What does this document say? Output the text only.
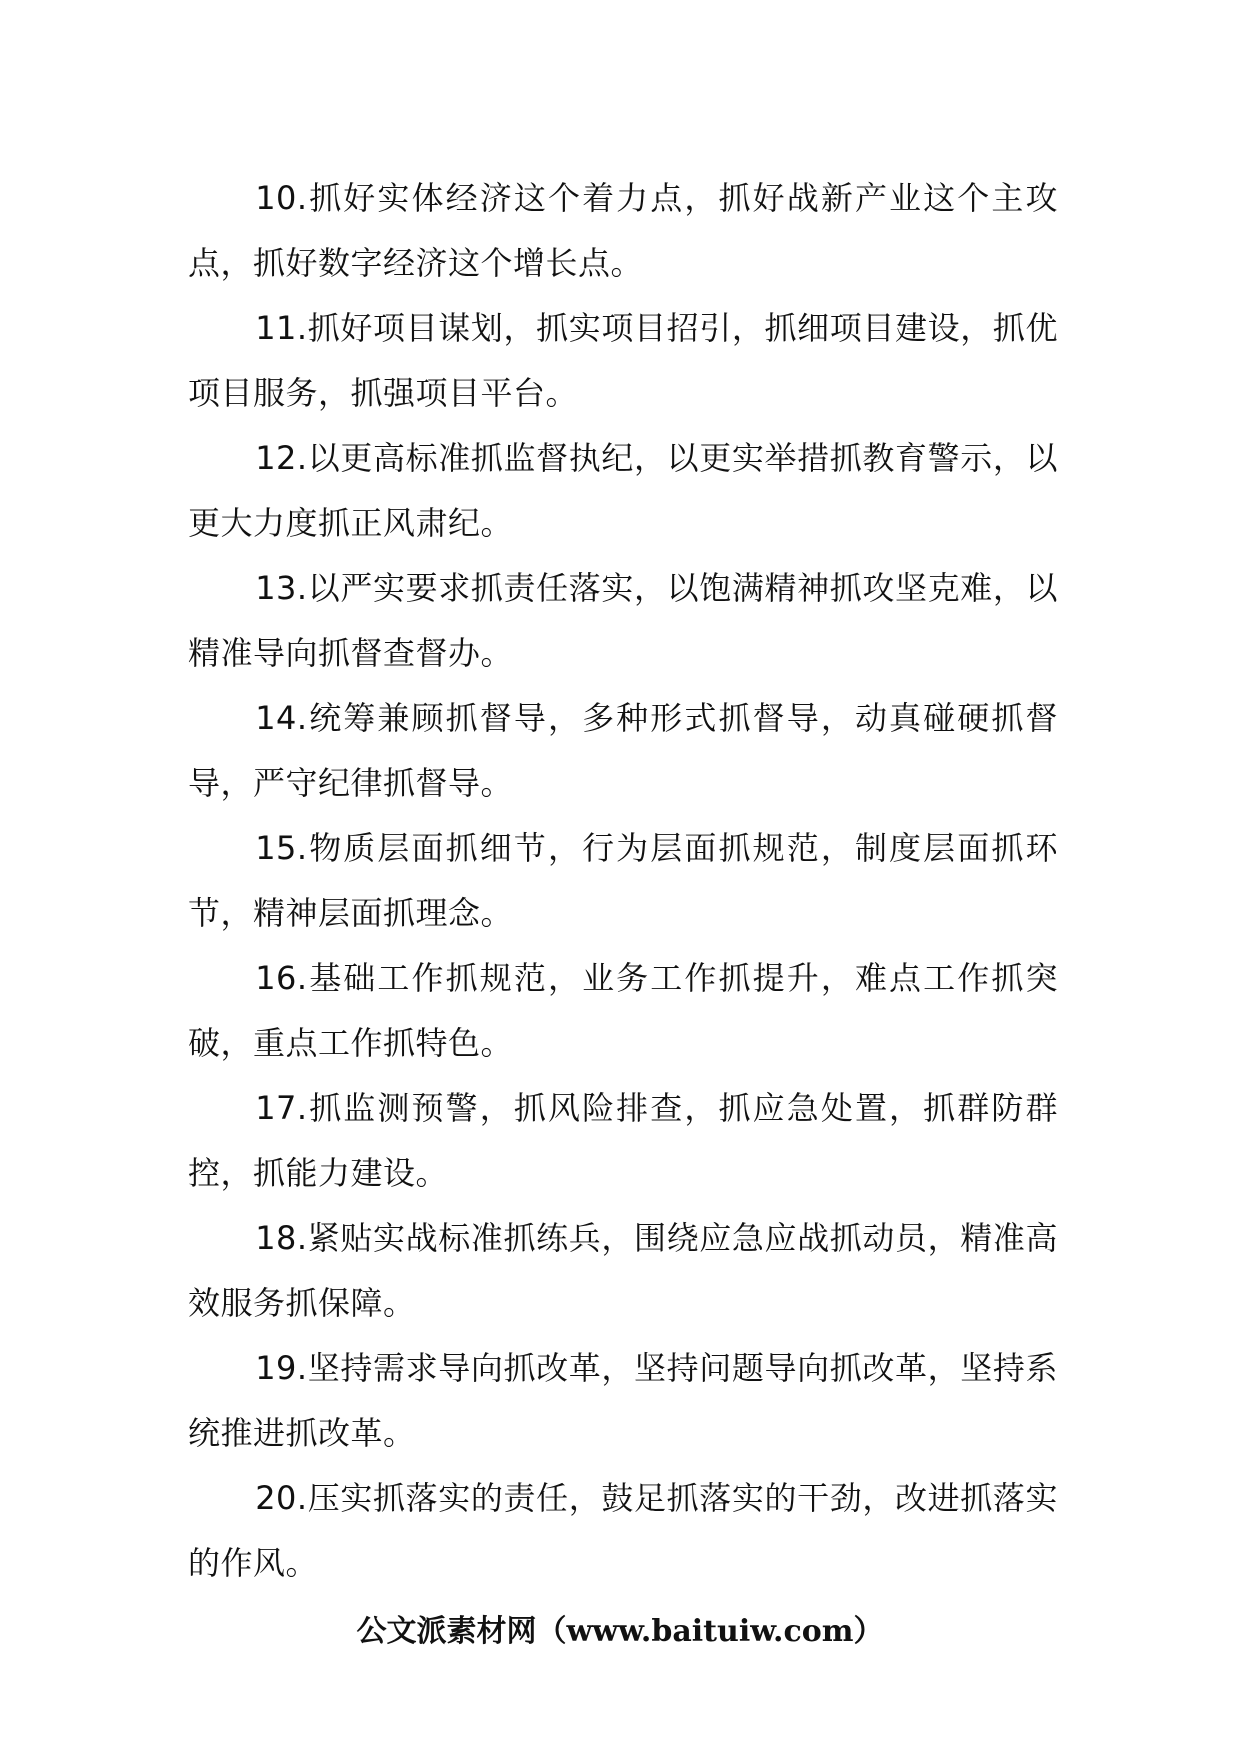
10.抓好实体经济这个着力点，抓好战新产业这个主攻点，抓好数字经济这个增长点。

11.抓好项目谋划，抓实项目招引，抓细项目建设，抓优项目服务，抓强项目平台。

12.以更高标准抓监督执纪，以更实举措抓教育警示，以更大力度抓正风肃纪。

13.以严实要求抓责任落实，以饱满精神抓攻坚克难，以精准导向抓督查督办。

14.统筹兼顾抓督导，多种形式抓督导，动真碰硬抓督导，严守纪律抓督导。

15.物质层面抓细节，行为层面抓规范，制度层面抓环节，精神层面抓理念。

16.基础工作抓规范，业务工作抓提升，难点工作抓突破，重点工作抓特色。

17.抓监测预警，抓风险排查，抓应急处置，抓群防群控，抓能力建设。

18.紧贴实战标准抓练兵，围绕应急应战抓动员，精准高效服务抓保障。

19.坚持需求导向抓改革，坚持问题导向抓改革，坚持系统推进抓改革。

20.压实抓落实的责任，鼓足抓落实的干劲，改进抓落实的作风。

公文派素材网（www.baituiw.com）
